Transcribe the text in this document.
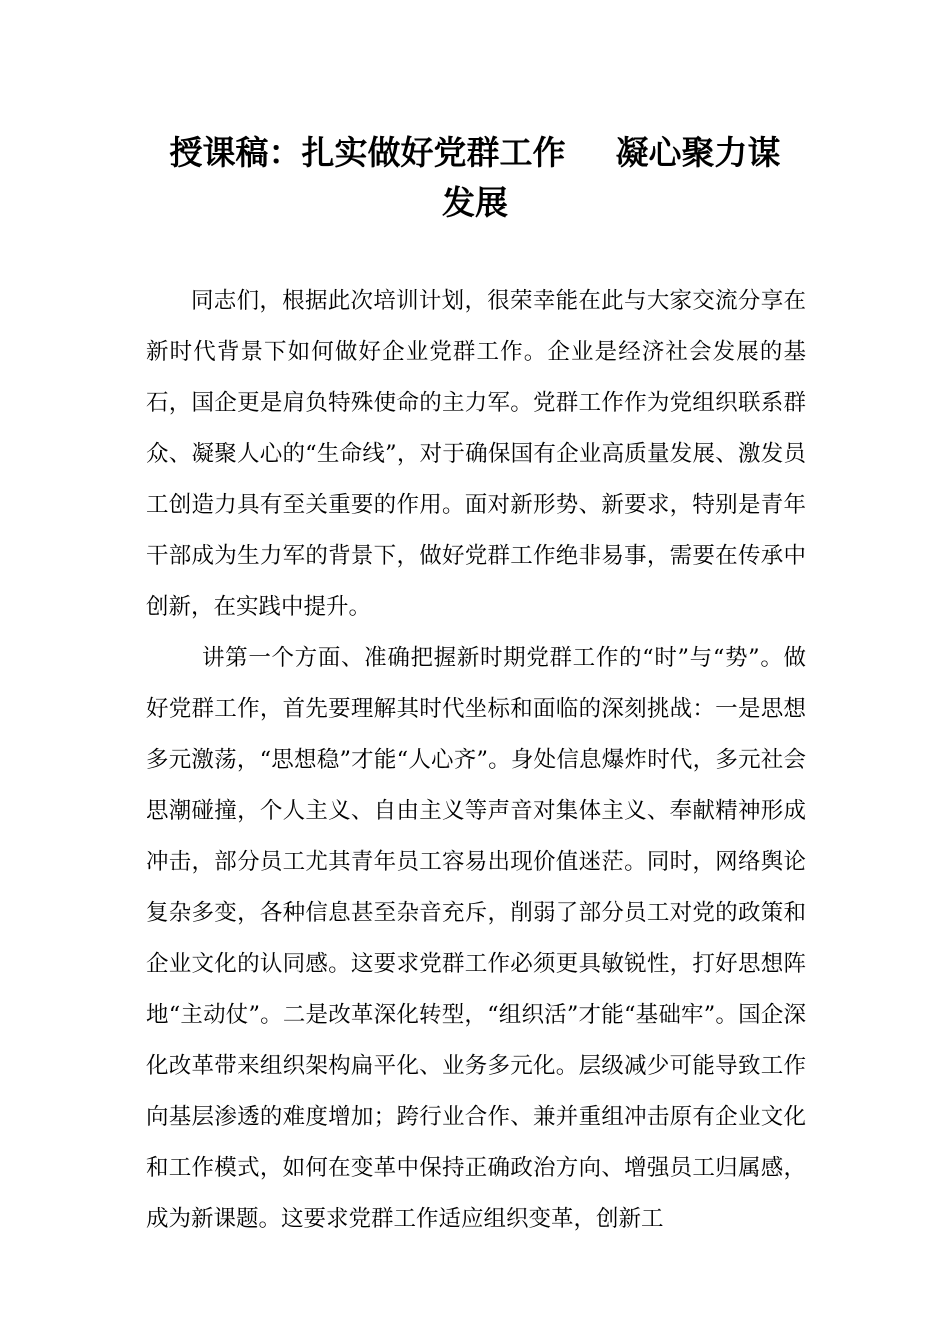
授课稿：扎实做好党群工作 凝心聚力谋
发展

同志们，根据此次培训计划，很荣幸能在此与大家交流分享在新时代背景下如何做好企业党群工作。企业是经济社会发展的基石，国企更是肩负特殊使命的主力军。党群工作作为党组织联系群众、凝聚人心的“生命线”，对于确保国有企业高质量发展、激发员工创造力具有至关重要的作用。面对新形势、新要求，特别是青年干部成为生力军的背景下，做好党群工作绝非易事，需要在传承中创新，在实践中提升。

讲第一个方面、准确把握新时期党群工作的“时”与“势”。做好党群工作，首先要理解其时代坐标和面临的深刻挑战：一是思想多元激荡，“思想稳”才能“人心齐”。身处信息爆炸时代，多元社会思潮碰撞，个人主义、自由主义等声音对集体主义、奉献精神形成冲击，部分员工尤其青年员工容易出现价值迷茫。同时，网络舆论复杂多变，各种信息甚至杂音充斥，削弱了部分员工对党的政策和企业文化的认同感。这要求党群工作必须更具敏锐性，打好思想阵地“主动仗”。二是改革深化转型，“组织活”才能“基础牢”。国企深化改革带来组织架构扁平化、业务多元化。层级减少可能导致工作向基层渗透的难度增加；跨行业合作、兼并重组冲击原有企业文化和工作模式，如何在变革中保持正确政治方向、增强员工归属感，成为新课题。这要求党群工作适应组织变革，创新工
